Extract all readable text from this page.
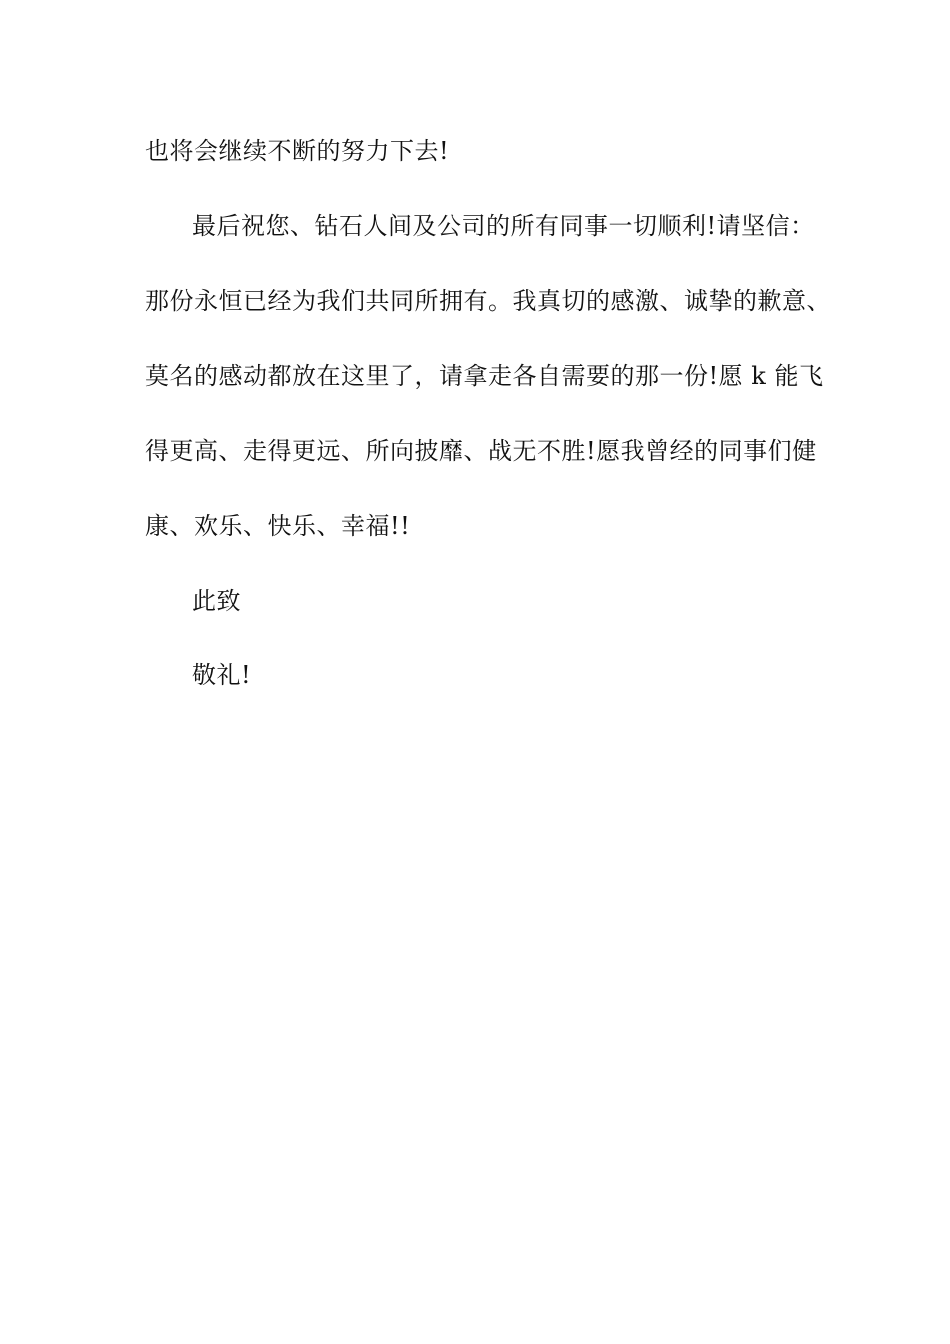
也将会继续不断的努力下去!
最后祝您、钻石人间及公司的所有同事一切顺利!请坚信：
那份永恒已经为我们共同所拥有。我真切的感激、诚挚的歉意、
莫名的感动都放在这里了，请拿走各自需要的那一份!愿 k 能飞
得更高、走得更远、所向披靡、战无不胜!愿我曾经的同事们健
康、欢乐、快乐、幸福!!
此致
敬礼!
